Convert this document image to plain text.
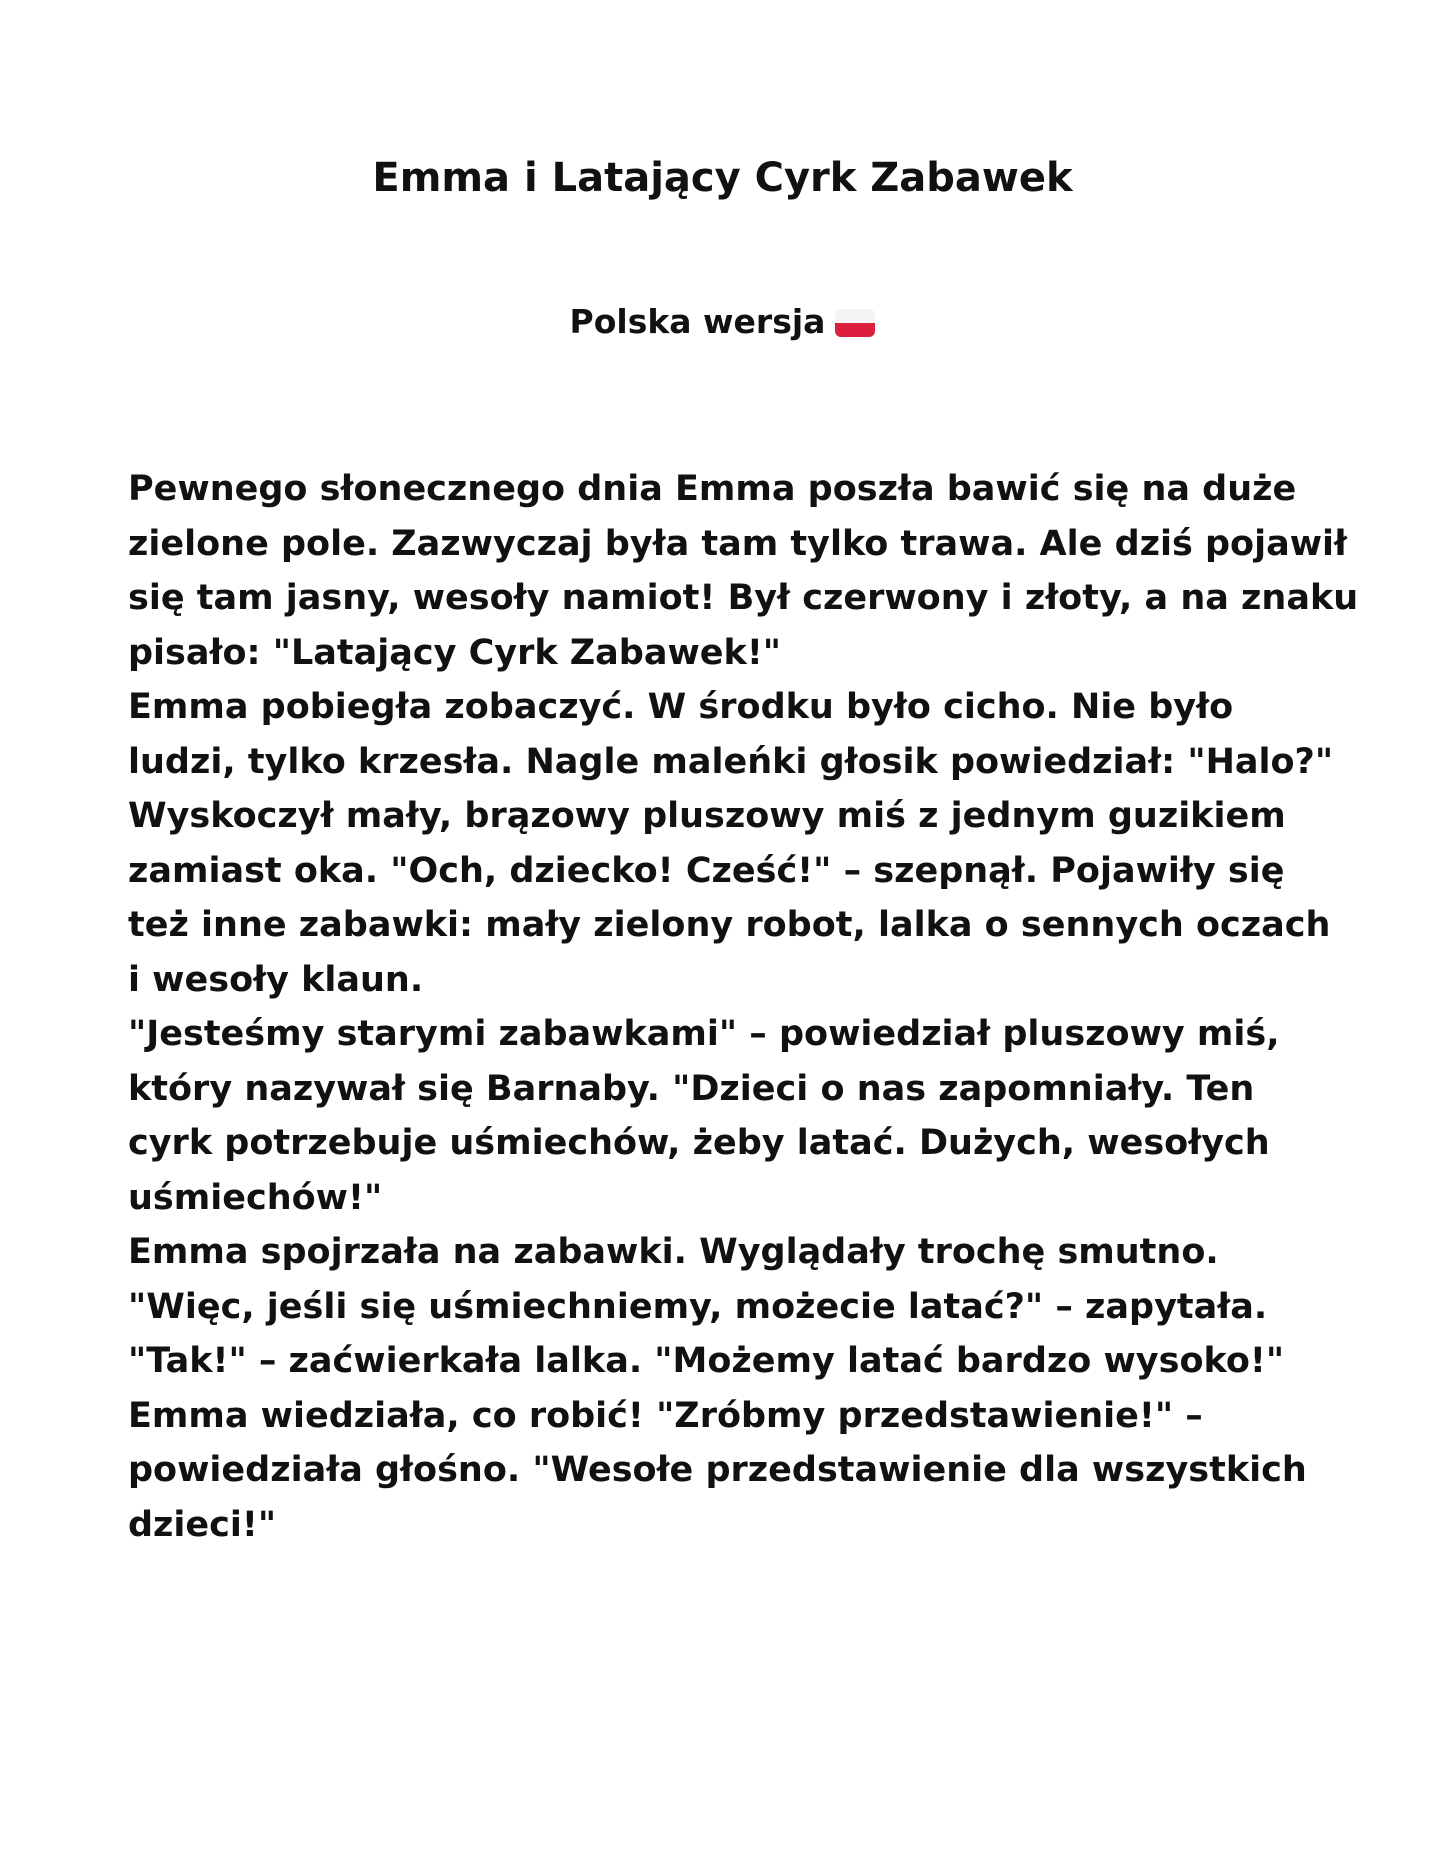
Emma i Latający Cyrk Zabawek
Polska wersja
Pewnego słonecznego dnia Emma poszła bawić się na duże
zielone pole. Zazwyczaj była tam tylko trawa. Ale dziś pojawił
się tam jasny, wesoły namiot! Był czerwony i złoty, a na znaku
pisało: "Latający Cyrk Zabawek!"
Emma pobiegła zobaczyć. W środku było cicho. Nie było
ludzi, tylko krzesła. Nagle maleńki głosik powiedział: "Halo?"
Wyskoczył mały, brązowy pluszowy miś z jednym guzikiem
zamiast oka. "Och, dziecko! Cześć!" – szepnął. Pojawiły się
też inne zabawki: mały zielony robot, lalka o sennych oczach
i wesoły klaun.
"Jesteśmy starymi zabawkami" – powiedział pluszowy miś,
który nazywał się Barnaby. "Dzieci o nas zapomniały. Ten
cyrk potrzebuje uśmiechów, żeby latać. Dużych, wesołych
uśmiechów!"
Emma spojrzała na zabawki. Wyglądały trochę smutno.
"Więc, jeśli się uśmiechniemy, możecie latać?" – zapytała.
"Tak!" – zaćwierkała lalka. "Możemy latać bardzo wysoko!"
Emma wiedziała, co robić! "Zróbmy przedstawienie!" –
powiedziała głośno. "Wesołe przedstawienie dla wszystkich
dzieci!"
